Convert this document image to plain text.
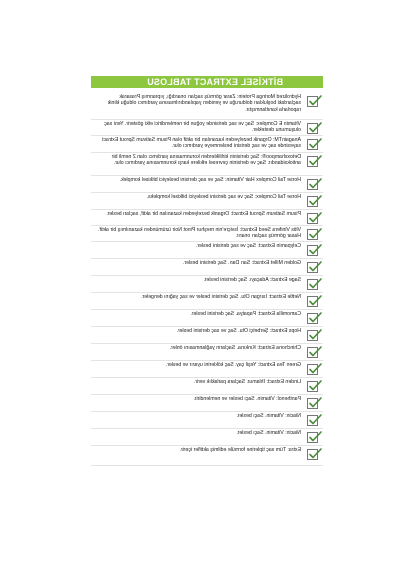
BİTKİSEL EXTRACT TABLOSU
Hydrolized Moringa Protein: Zarar görmüş saçları onardığı, yıpranmış Prasarak saçlardaki boşlukları dolduruğu ve yeniden yapılandırılmasına yardımcı olduğu klinik raporlarla kanıtlanmıştır.
Vitamin E Complex: Saç ve saç derisinde yoğun bir nemlendirici etki gösterir. Yeni saç oluşumunu destekler.
AnagainTM: Organik bezelyeden kazanılan bir aktif olan Pisum Sativum Sprout Extract sayesinde saç ve saç derisini beslenmeye yardımcı olur.
Detoxshampoo®: Saç derisinin kirliliklerden korunmasına yardımcı olan 2 nemli bir antioksidandır. Saç ve derisinin çevresel etkilere karşı korunmasına yardımcı olur.
Horse Tail Complex Hair Vitamin: Saç ve saç derisini besleyici bitkisel komplek.
Horse Tail Complex: Saç ve saç derisini besleyici bitkisel kompleks.
Pisum Sativum Sprout Extract: Organik bezelyeden kazanılan bir aktif, saçları besler.
Vitis Vinifera Seed Extract: İsviçre'nin meşhur Pinot Noir üzümünden kazanılmış bir aktif. Hasar görmüş saçları onarır.
Celypamin Extract: Saç ve saç derisini besler.
Golden Millet Extract: Sarı Darı. Saç derisini besler.
Sage Extract: Adaçayı. Saç derisini besler.
Nettle Extract: Isırgan Otu. Saç derisini besler ve saç yağını dengeler.
Camomilla Extract: Papatya. Saç derisini besler.
Hops Extract: Şerbetçi Otu. Saç ve saç derisini besler.
Chinchona Extract: Kınkına. Saçların yağlanmasını önler.
Green Tea Extract: Yeşil çay. Saç köklerini uyarır ve besler.
Linden Extract: Ihlamur. Saçlara parlaklık verir.
Panthenol: Vitamin. Saçı besler ve nemlendirir.
Niacin: Vitamin. Saçı besler.
Niacin: Vitamin. Saçı besler.
Extra: Tüm saç tiplerine formüle edilmiş aktifler içerir.
